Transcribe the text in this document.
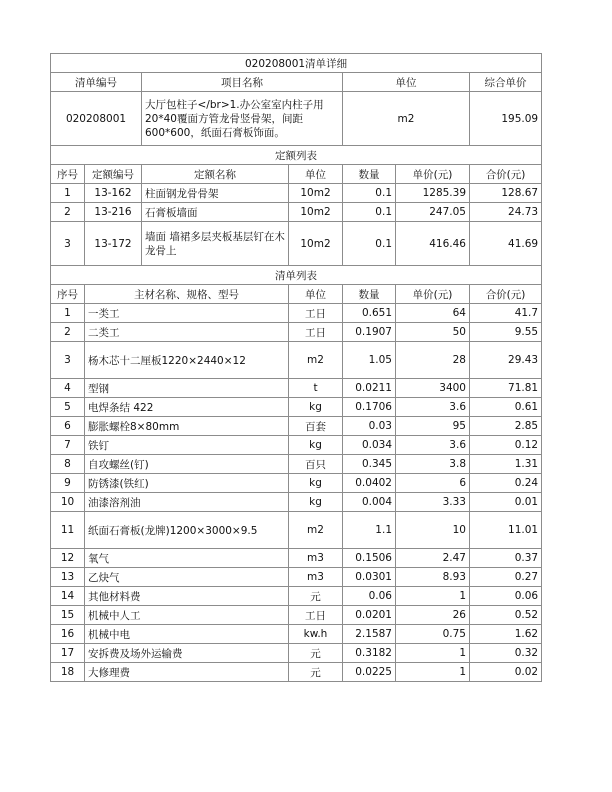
020208001清单详细						
清单编号		项目名称		单位		综合单价
020208001		大厅包柱子</br>1.办公室室内柱子用20*40覆面方管龙骨竖骨架，间距600*600，纸面石膏板饰面。		m2		195.09
定额列表						
序号	定额编号	定额名称	单位	数量	单价(元)	合价(元)
1	13-162	柱面钢龙骨骨架	10m2	0.1	1285.39	128.67
2	13-216	石膏板墙面	10m2	0.1	247.05	24.73
3	13-172	墙面 墙裙多层夹板基层钉在木龙骨上	10m2	0.1	416.46	41.69
清单列表						
序号	主材名称、规格、型号		单位	数量	单价(元)	合价(元)
1	一类工		工日	0.651	64	41.7
2	二类工		工日	0.1907	50	9.55
3	杨木芯十二厘板1220×2440×12		m2	1.05	28	29.43
4	型钢		t	0.0211	3400	71.81
5	电焊条结 422		kg	0.1706	3.6	0.61
6	膨胀螺栓8×80mm		百套	0.03	95	2.85
7	铁钉		kg	0.034	3.6	0.12
8	自攻螺丝(钉)		百只	0.345	3.8	1.31
9	防锈漆(铁红)		kg	0.0402	6	0.24
10	油漆溶剂油		kg	0.004	3.33	0.01
11	纸面石膏板(龙牌)1200×3000×9.5		m2	1.1	10	11.01
12	氧气		m3	0.1506	2.47	0.37
13	乙炔气		m3	0.0301	8.93	0.27
14	其他材料费		元	0.06	1	0.06
15	机械中人工		工日	0.0201	26	0.52
16	机械中电		kw.h	2.1587	0.75	1.62
17	安拆费及场外运输费		元	0.3182	1	0.32
18	大修理费		元	0.0225	1	0.02
